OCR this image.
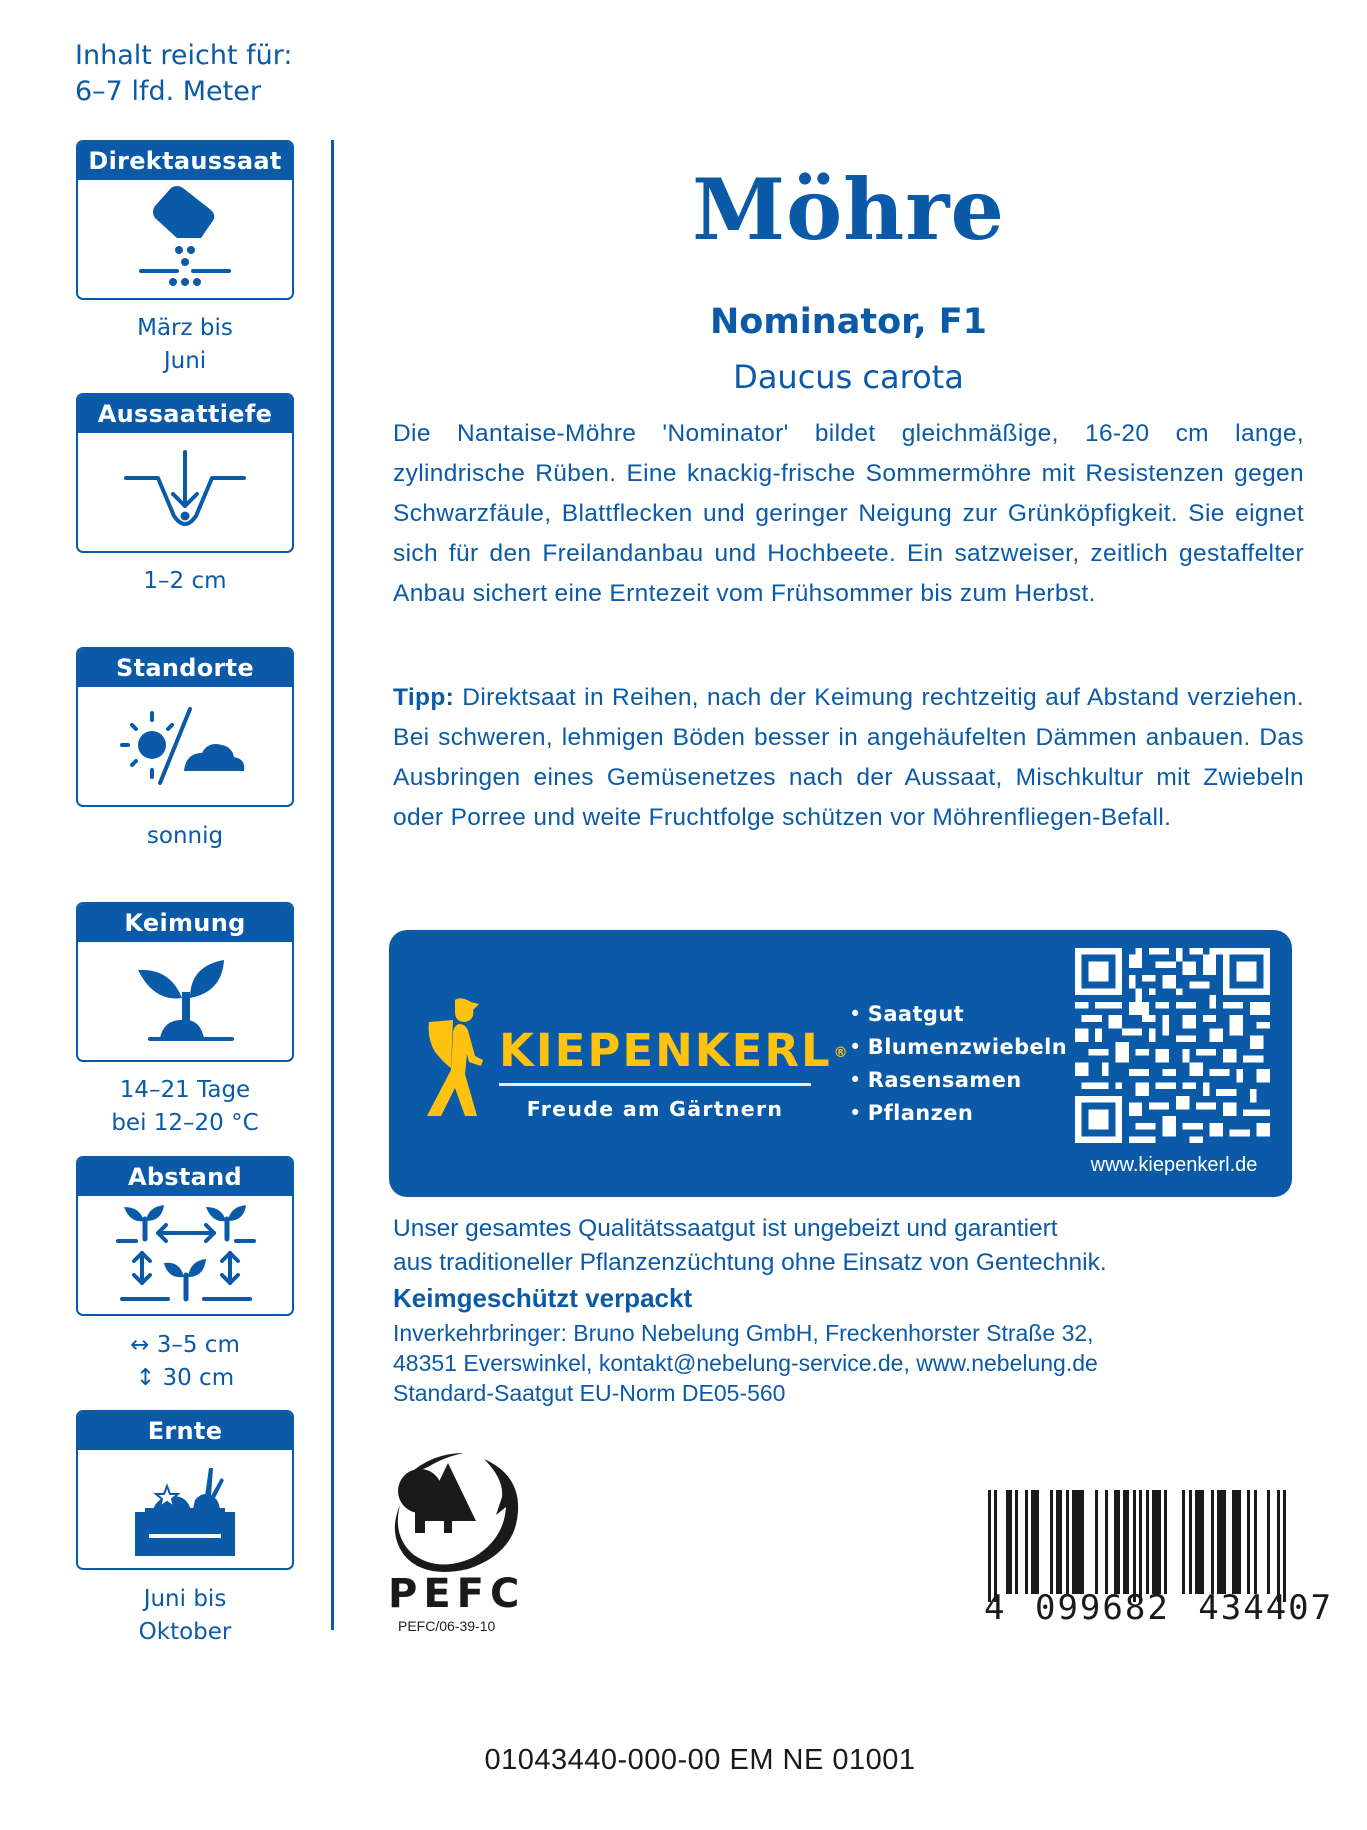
Inhalt reicht für:
6–7 lfd. Meter
Direktaussaat
März bis
Juni
Aussaattiefe
1–2 cm
Standorte
sonnig
Keimung
14–21 Tage
bei 12–20 °C
Abstand
↔ 3–5 cm
↕ 30 cm
Ernte
Juni bis
Oktober
Möhre
Nominator, F1
Daucus carota
Die Nantaise-Möhre 'Nominator' bildet gleichmäßige, 16-20 cm lange, zylindrische Rüben. Eine knackig-frische Sommermöhre mit Resistenzen gegen Schwarzfäule, Blattflecken und geringer Neigung zur Grünköpfigkeit. Sie eignet sich für den Freilandanbau und Hochbeete. Ein satzweiser, zeitlich gestaffelter Anbau sichert eine Erntezeit vom Frühsommer bis zum Herbst.
Tipp: Direktsaat in Reihen, nach der Keimung rechtzeitig auf Abstand verziehen. Bei schweren, lehmigen Böden besser in angehäufelten Dämmen anbauen. Das Ausbringen eines Gemüsenetzes nach der Aussaat, Mischkultur mit Zwiebeln oder Porree und weite Fruchtfolge schützen vor Möhrenfliegen-Befall.
KIEPENKERL ®
Freude am Gärtnern
• Saatgut
• Blumenzwiebeln
• Rasensamen
• Pflanzen
www.kiepenkerl.de
Unser gesamtes Qualitätssaatgut ist ungebeizt und garantiert
aus traditioneller Pflanzenzüchtung ohne Einsatz von Gentechnik.
Keimgeschützt verpackt
Inverkehrbringer: Bruno Nebelung GmbH, Freckenhorster Straße 32,
48351 Everswinkel, kontakt@nebelung-service.de, www.nebelung.de
Standard-Saatgut EU-Norm DE05-560
PEFC
PEFC/06-39-10	4 099682 434407
01043440-000-00 EM NE 01001
